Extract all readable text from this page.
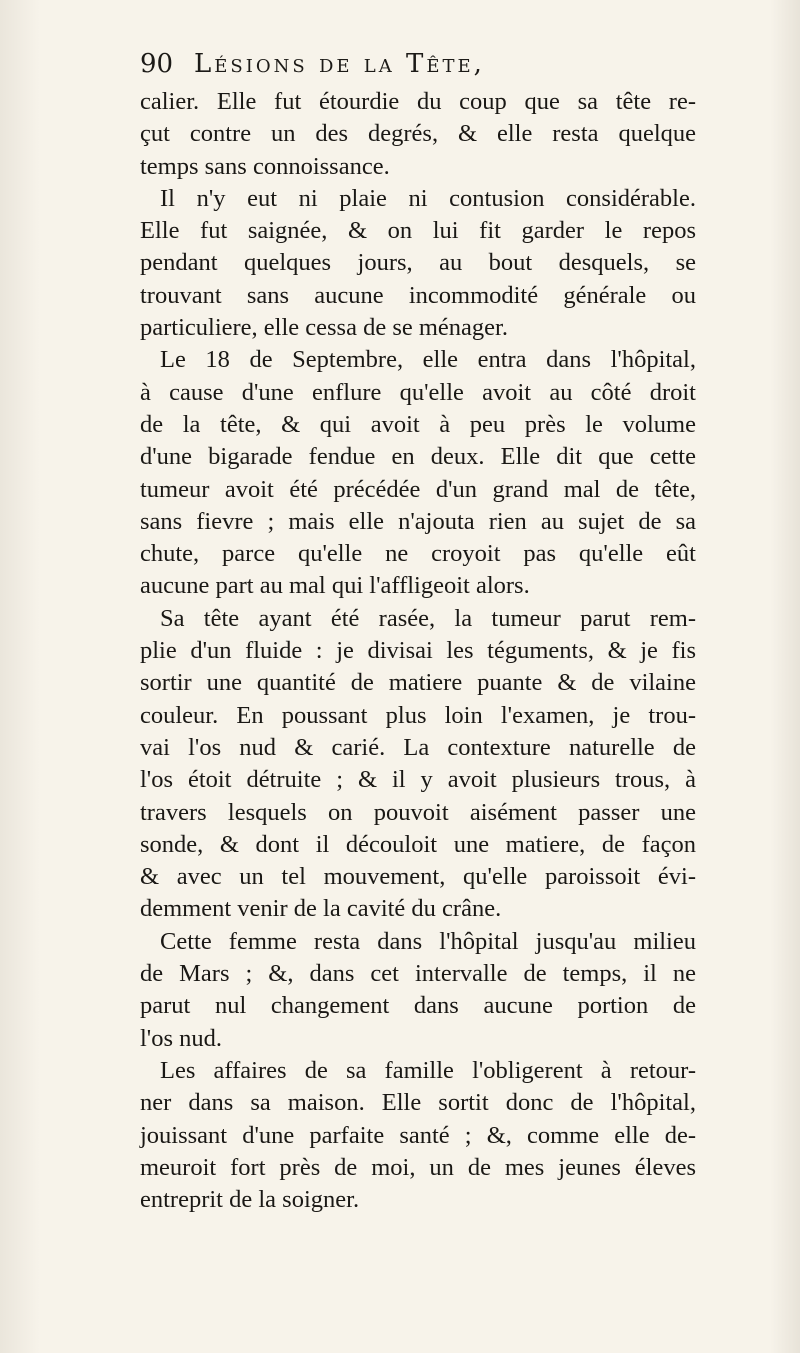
90 Lésions de la Tête,
calier. Elle fut étourdie du coup que sa tête re-
çut contre un des degrés, & elle resta quelque
temps sans connoissance.
Il n'y eut ni plaie ni contusion considérable.
Elle fut saignée, & on lui fit garder le repos
pendant quelques jours, au bout desquels, se
trouvant sans aucune incommodité générale ou
particuliere, elle cessa de se ménager.
Le 18 de Septembre, elle entra dans l'hôpital,
à cause d'une enflure qu'elle avoit au côté droit
de la tête, & qui avoit à peu près le volume
d'une bigarade fendue en deux. Elle dit que cette
tumeur avoit été précédée d'un grand mal de tête,
sans fievre ; mais elle n'ajouta rien au sujet de sa
chute, parce qu'elle ne croyoit pas qu'elle eût
aucune part au mal qui l'affligeoit alors.
Sa tête ayant été rasée, la tumeur parut rem-
plie d'un fluide : je divisai les téguments, & je fis
sortir une quantité de matiere puante & de vilaine
couleur. En poussant plus loin l'examen, je trou-
vai l'os nud & carié. La contexture naturelle de
l'os étoit détruite ; & il y avoit plusieurs trous, à
travers lesquels on pouvoit aisément passer une
sonde, & dont il découloit une matiere, de façon
& avec un tel mouvement, qu'elle paroissoit évi-
demment venir de la cavité du crâne.
Cette femme resta dans l'hôpital jusqu'au milieu
de Mars ; &, dans cet intervalle de temps, il ne
parut nul changement dans aucune portion de
l'os nud.
Les affaires de sa famille l'obligerent à retour-
ner dans sa maison. Elle sortit donc de l'hôpital,
jouissant d'une parfaite santé ; &, comme elle de-
meuroit fort près de moi, un de mes jeunes éleves
entreprit de la soigner.
